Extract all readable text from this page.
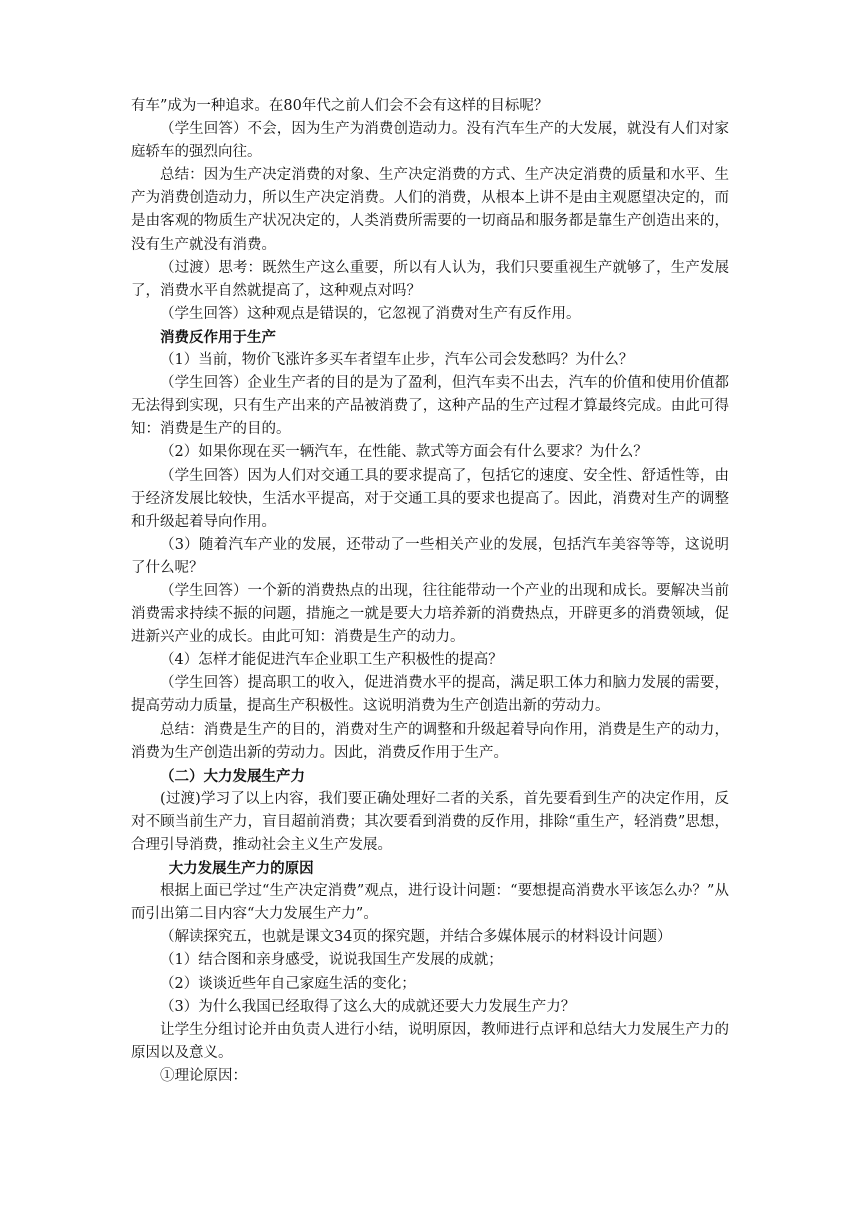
有车”成为一种追求。在80年代之前人们会不会有这样的目标呢？

（学生回答）不会，因为生产为消费创造动力。没有汽车生产的大发展，就没有人们对家庭轿车的强烈向往。

总结：因为生产决定消费的对象、生产决定消费的方式、生产决定消费的质量和水平、生产为消费创造动力，所以生产决定消费。人们的消费，从根本上讲不是由主观愿望决定的，而是由客观的物质生产状况决定的，人类消费所需要的一切商品和服务都是靠生产创造出来的，没有生产就没有消费。

（过渡）思考：既然生产这么重要，所以有人认为，我们只要重视生产就够了，生产发展了，消费水平自然就提高了，这种观点对吗？

（学生回答）这种观点是错误的，它忽视了消费对生产有反作用。

消费反作用于生产

（1）当前，物价飞涨许多买车者望车止步，汽车公司会发愁吗？为什么？

（学生回答）企业生产者的目的是为了盈利，但汽车卖不出去，汽车的价值和使用价值都无法得到实现，只有生产出来的产品被消费了，这种产品的生产过程才算最终完成。由此可得知：消费是生产的目的。

（2）如果你现在买一辆汽车，在性能、款式等方面会有什么要求？为什么？

（学生回答）因为人们对交通工具的要求提高了，包括它的速度、安全性、舒适性等，由于经济发展比较快，生活水平提高，对于交通工具的要求也提高了。因此，消费对生产的调整和升级起着导向作用。

（3）随着汽车产业的发展，还带动了一些相关产业的发展，包括汽车美容等等，这说明了什么呢？

（学生回答）一个新的消费热点的出现，往往能带动一个产业的出现和成长。要解决当前消费需求持续不振的问题，措施之一就是要大力培养新的消费热点，开辟更多的消费领域，促进新兴产业的成长。由此可知：消费是生产的动力。

（4）怎样才能促进汽车企业职工生产积极性的提高？

（学生回答）提高职工的收入，促进消费水平的提高，满足职工体力和脑力发展的需要，提高劳动力质量，提高生产积极性。这说明消费为生产创造出新的劳动力。

总结：消费是生产的目的，消费对生产的调整和升级起着导向作用，消费是生产的动力，消费为生产创造出新的劳动力。因此，消费反作用于生产。

（二）大力发展生产力

(过渡)学习了以上内容，我们要正确处理好二者的关系，首先要看到生产的决定作用，反对不顾当前生产力，盲目超前消费；其次要看到消费的反作用，排除“重生产，轻消费”思想，合理引导消费，推动社会主义生产发展。

大力发展生产力的原因

根据上面已学过“生产决定消费”观点，进行设计问题：“要想提高消费水平该怎么办？”从而引出第二目内容“大力发展生产力”。

（解读探究五，也就是课文34页的探究题，并结合多媒体展示的材料设计问题）

（1）结合图和亲身感受，说说我国生产发展的成就；

（2）谈谈近些年自己家庭生活的变化；

（3）为什么我国已经取得了这么大的成就还要大力发展生产力？

让学生分组讨论并由负责人进行小结，说明原因，教师进行点评和总结大力发展生产力的原因以及意义。

①理论原因：
